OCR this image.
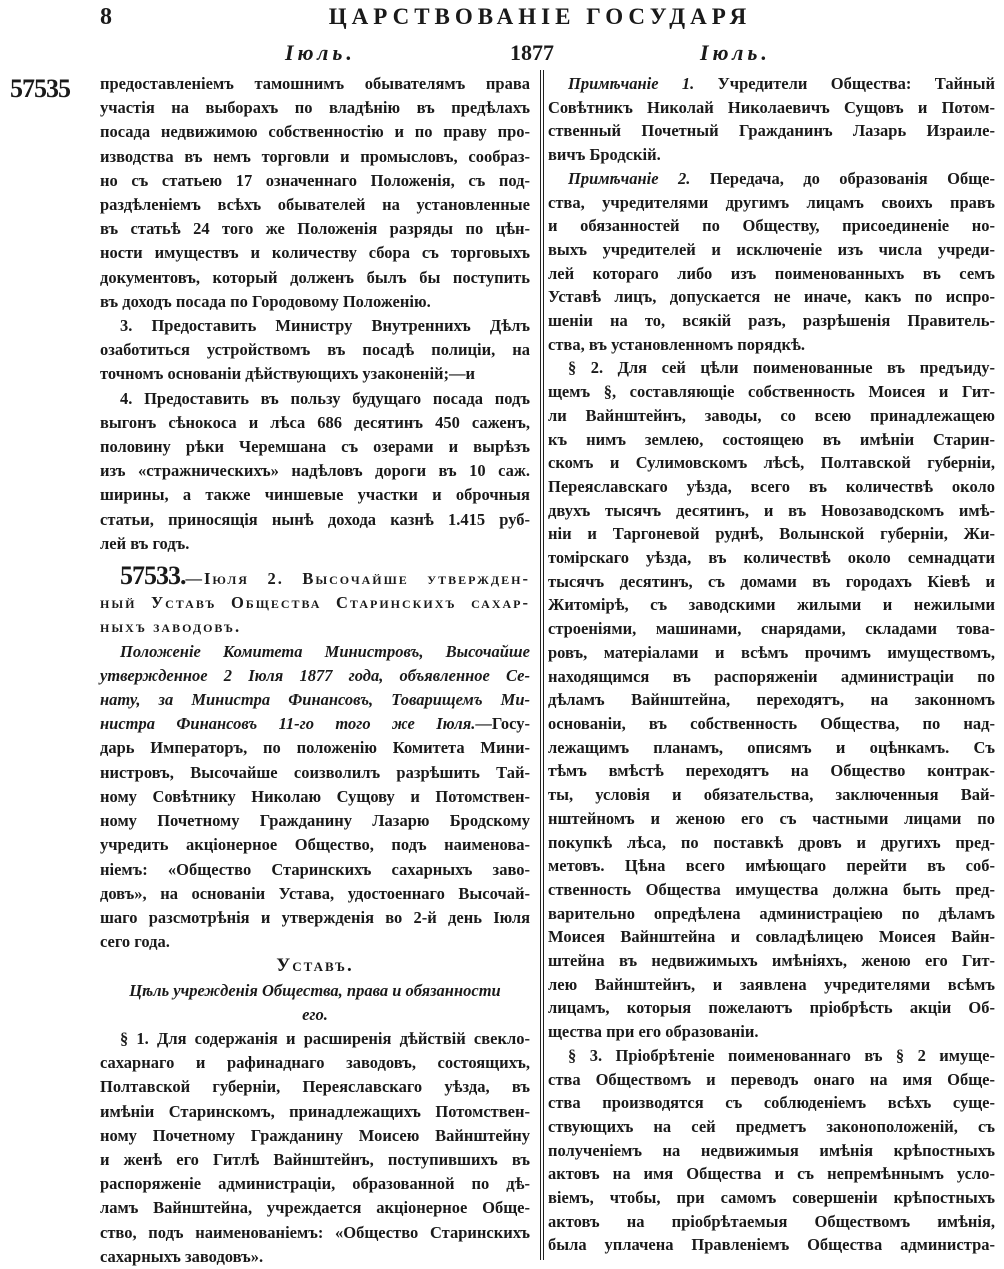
8	ЦАРСТВОВАНІЕ ГОСУДАРЯ
Іюль.	1877	Іюль.
57535 предоставленіемъ тамошнимъ обывателямъ права
участія на выборахъ по владѣнію въ предѣлахъ
посада недвижимою собственностію и по праву про-
изводства въ немъ торговли и промысловъ, сообраз-
но съ статьею 17 означеннаго Положенія, съ под-
раздѣленіемъ всѣхъ обывателей на установленные
въ статьѣ 24 того же Положенія разряды по цѣн-
ности имуществъ и количеству сбора съ торговыхъ
документовъ, который долженъ былъ бы поступить
въ доходъ посада по Городовому Положенію.
3. Предоставить Министру Внутреннихъ Дѣлъ
озаботиться устройствомъ въ посадѣ полиціи, на
точномъ основаніи дѣйствующихъ узаконеній;—и
4. Предоставить въ пользу будущаго посада подъ
выгонъ сѣнокоса и лѣса 686 десятинъ 450 саженъ,
половину рѣки Черемшана съ озерами и вырѣзъ
изъ «стражническихъ» надѣловъ дороги въ 10 саж.
ширины, а также чиншевые участки и оброчныя
статьи, приносящія нынѣ дохода казнѣ 1.415 руб-
лей въ годъ.
57533.—Іюля 2. Высочайше утвержден-
ный Уставъ Общества Старинскихъ сахар-
ныхъ заводовъ.
Положеніе Комитета Министровъ, Высочайше
утвержденное 2 Іюля 1877 года, объявленное Се-
нату, за Министра Финансовъ, Товарищемъ Ми-
нистра Финансовъ 11-го того же Іюля.—Госу-
дарь Императоръ, по положенію Комитета Мини-
нистровъ, Высочайше соизволилъ разрѣшить Тай-
ному Совѣтнику Николаю Сущову и Потомствен-
ному Почетному Гражданину Лазарю Бродскому
учредить акціонерное Общество, подъ наименова-
ніемъ: «Общество Старинскихъ сахарныхъ заво-
довъ», на основаніи Устава, удостоеннаго Высочай-
шаго разсмотрѣнія и утвержденія во 2-й день Іюля
сего года.
Уставъ.
Цѣль учрежденія Общества, права и обязанности
его.
§ 1. Для содержанія и расширенія дѣйствій свекло-
сахарнаго и рафинаднаго заводовъ, состоящихъ,
Полтавской губерніи, Переяславскаго уѣзда, въ
имѣніи Старинскомъ, принадлежащихъ Потомствен-
ному Почетному Гражданину Моисею Вайнштейну
и женѣ его Гитлѣ Вайнштейнъ, поступившихъ въ
распоряженіе администраціи, образованной по дѣ-
ламъ Вайнштейна, учреждается акціонерное Обще-
ство, подъ наименованіемъ: «Общество Старинскихъ
сахарныхъ заводовъ».
Примѣчаніе 1. Учредители Общества: Тайный
Совѣтникъ Николай Николаевичъ Сущовъ и Потом-
ственный Почетный Гражданинъ Лазарь Израиле-
вичъ Бродскій.
Примѣчаніе 2. Передача, до образованія Обще-
ства, учредителями другимъ лицамъ своихъ правъ
и обязанностей по Обществу, присоединеніе но-
выхъ учредителей и исключеніе изъ числа учреди-
лей котораго либо изъ поименованныхъ въ семъ
Уставѣ лицъ, допускается не иначе, какъ по испро-
шеніи на то, всякій разъ, разрѣшенія Правитель-
ства, въ установленномъ порядкѣ.
§ 2. Для сей цѣли поименованные въ предъиду-
щемъ §, составляющіе собственность Моисея и Гит-
ли Вайнштейнъ, заводы, со всею принадлежащею
къ нимъ землею, состоящею въ имѣніи Старин-
скомъ и Сулимовскомъ лѣсѣ, Полтавской губерніи,
Переяславскаго уѣзда, всего въ количествѣ около
двухъ тысячъ десятинъ, и въ Новозаводскомъ имѣ-
ніи и Таргоневой руднѣ, Волынской губерніи, Жи-
томірскаго уѣзда, въ количествѣ около семнадцати
тысячъ десятинъ, съ домами въ городахъ Кіевѣ и
Житомірѣ, съ заводскими жилыми и нежилыми
строеніями, машинами, снарядами, складами това-
ровъ, матеріалами и всѣмъ прочимъ имуществомъ,
находящимся въ распоряженіи администраціи по
дѣламъ Вайнштейна, переходятъ, на законномъ
основаніи, въ собственность Общества, по над-
лежащимъ планамъ, описямъ и оцѣнкамъ. Съ
тѣмъ вмѣстѣ переходятъ на Общество контрак-
ты, условія и обязательства, заключенныя Вай-
нштейномъ и женою его съ частными лицами по
покупкѣ лѣса, по поставкѣ дровъ и другихъ пред-
метовъ. Цѣна всего имѣющаго перейти въ соб-
ственность Общества имущества должна быть пред-
варительно опредѣлена администраціею по дѣламъ
Моисея Вайнштейна и совладѣлицею Моисея Вайн-
штейна въ недвижимыхъ имѣніяхъ, женою его Гит-
лею Вайнштейнъ, и заявлена учредителями всѣмъ
лицамъ, которыя пожелаютъ пріобрѣсть акціи Об-
щества при его образованіи.
§ 3. Пріобрѣтеніе поименованнаго въ § 2 имуще-
ства Обществомъ и переводъ онаго на имя Обще-
ства производятся съ соблюденіемъ всѣхъ суще-
ствующихъ на сей предметъ законоположеній, съ
полученіемъ на недвижимыя имѣнія крѣпостныхъ
актовъ на имя Общества и съ непремѣннымъ усло-
віемъ, чтобы, при самомъ совершеніи крѣпостныхъ
актовъ на пріобрѣтаемыя Обществомъ имѣнія,
была уплачена Правленіемъ Общества администра-
